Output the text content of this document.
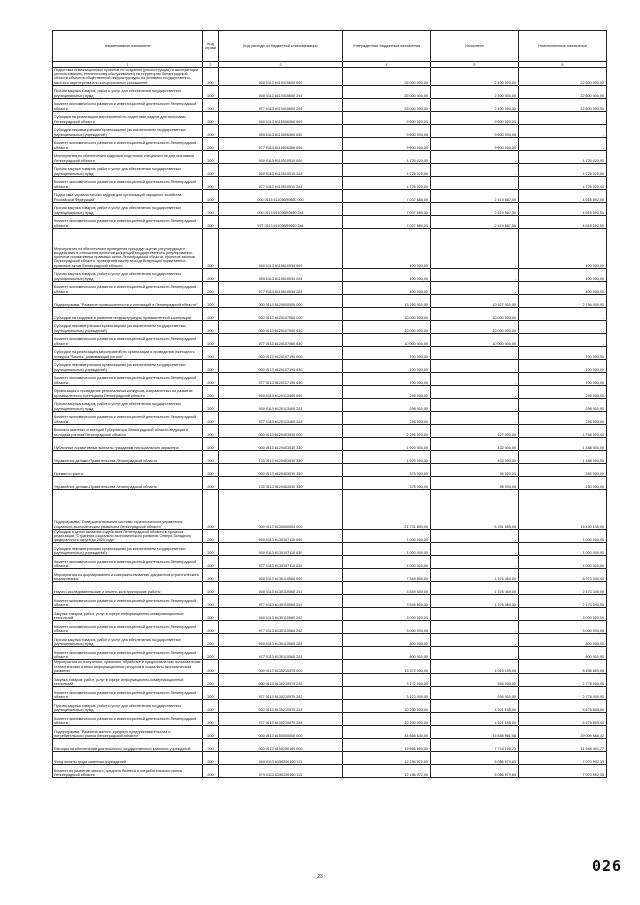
Наименование показателя	Код строки	Код расхода по бюджетной классификации	Утвержденные бюджетные назначения	Исполнено	Неисполненные назначения
1	2	3	4	5	6
Подготовка инвестиционных проектов по созданию (реконструкции) и эксплуатации (использованию, техническому обслуживанию) на территории Ленинградской области объектов общественной инфраструктуры на условиях государственно-частного партнерства или концессионных соглашений	200	000 0113 6110415600 000	25 000 000,00	2 400 000,00	22 600 000,00
Прочая закупка товаров, работ и услуг для обеспечения государственных (муниципальных) нужд	200	000 0113 6110415600 244	25 000 000,00	2 400 000,00	22 600 000,00
Комитет экономического развития и инвестиционной деятельности Ленинградской области	200	977 0113 6110415600 244	25 000 000,00	2 400 000,00	22 600 000,00
Субсидия на реализацию мероприятий по подготовке кадров для экономики Ленинградской области	200	000 0113 6110506360 000	9 600 000,00	9 600 000,00	-
Субсидии некоммерческим организациям (за исключением государственных (муниципальных) учреждений)	200	000 0113 6110506360 630	9 600 000,00	9 600 000,00	-
Комитет экономического развития и инвестиционной деятельности Ленинградской области	200	977 0113 6110506360 630	9 600 000,00	9 600 000,00	-
Мероприятия по обеспечению кадровой подготовки специалистов для экономики Ленинградской области	200	000 0113 6110510510 000	4 725 020,00	-	4 725 020,00
Прочая закупка товаров, работ и услуг для обеспечения государственных (муниципальных) нужд	200	000 0113 6110510510 244	4 725 020,00	-	4 725 020,00
Комитет экономического развития и инвестиционной деятельности Ленинградской области	200	977 0113 6110510510 244	4 725 020,00	-	4 725 020,00
Подготовка управленческих кадров для организаций народного хозяйства Российской Федерации	200	000 0113 611056R0660 000	7 037 680,00	2 419 587,50	4 618 092,50
Прочая закупка товаров, работ и услуг для обеспечения государственных (муниципальных) нужд	200	000 0113 611056R0660 244	7 037 680,00	2 419 587,50	4 618 092,50
Комитет экономического развития и инвестиционной деятельности Ленинградской области	200	977 0113 611056R0660 244	7 037 680,00	2 419 587,50	4 618 092,50
Мероприятия по обеспечению проведения процедур оценки регулирующего воздействия в отношении проектов концепций государственного регулирования, проектов нормативных правовых актов Ленинградской области, проектов законов Ленинградской области, проведения экспертизы действующих нормативных правовых актов Ленинградской области	200	000 0113 6110610530 000	400 000,00	-	400 000,00
Прочая закупка товаров, работ и услуг для обеспечения государственных (муниципальных) нужд	200	000 0113 6110610530 244	400 000,00	-	400 000,00
Комитет экономического развития и инвестиционной деятельности Ленинградской области	200	977 0113 6110610530 244	400 000,00	-	400 000,00
Подпрограмма "Развитие промышленности и инноваций в Ленинградской области"	200	000 0113 6120000000 000	13 293 000,00	10 527 000,00	2 766 000,00
Субсидии на создание и развитие инфраструктуры промышленной кооперации	200	000 0113 6120107060 000	10 000 000,00	10 000 000,00	-
Субсидии некоммерческим организациям (за исключением государственных (муниципальных) учреждений)	200	000 0113 6120107060 630	10 000 000,00	10 000 000,00	-
Комитет экономического развития и инвестиционной деятельности Ленинградской области	200	977 0113 6120107060 630	10 000 000,00	10 000 000,00	-
Субсидии на реализацию мероприятий по организации и проведению ежегодного конкурса "Бизнес, развивающий регион"	200	000 0113 6120107190 000	700 000,00	-	700 000,00
Субсидии некоммерческим организациям (за исключением государственных (муниципальных) учреждений)	200	000 0113 6120107190 630	700 000,00	-	700 000,00
Комитет экономического развития и инвестиционной деятельности Ленинградской области	200	977 0113 6120107190 630	700 000,00	-	700 000,00
Организация и проведение региональных конкурсов, направленных на развитие промышленного потенциала Ленинградской области	200	000 0113 6120113460 000	298 000,00	-	298 000,00
Прочая закупка товаров, работ и услуг для обеспечения государственных (муниципальных) нужд	200	000 0113 6120113460 244	298 000,00	-	298 000,00
Комитет экономического развития и инвестиционной деятельности Ленинградской области	200	977 0113 6120113460 244	298 000,00	-	298 000,00
Выплата именных стипендий Губернатора Ленинградской области ведущим и молодым ученым Ленинградской области	200	000 0113 6120403030 000	2 295 000,00	527 000,00	1 768 000,00
Публичные нормативные выплаты гражданам несоциального характера	200	000 0113 6120403030 330	1 920 000,00	432 000,00	1 488 000,00
Управление делами Правительства Ленинградской области	200	133 0113 6120403030 330	1 920 000,00	432 000,00	1 488 000,00
Премии и гранты	200	000 0113 6120403030 350	375 000,00	95 000,00	280 000,00
Управление делами Правительства Ленинградской области	200	133 0113 6120403030 350	375 000,00	95 000,00	280 000,00
Подпрограмма "Совершенствование системы стратегического управления социально-экономическим развитием Ленинградской области"	200	000 0113 6130000000 000	21 721 800,00	6 291 655,00	15 430 145,00
Субсидии в целях оказания содействия Ленинградской области в процессе реализации "Стратегии социально-экономического развития Северо-Западного федерального округа до 2020 года"	200	000 0113 6130107110 000	1 000 000,00	-	1 000 000,00
Субсидии некоммерческим организациям (за исключением государственных (муниципальных) учреждений)	200	000 0113 6130107110 630	1 000 000,00	-	1 000 000,00
Комитет экономического развития и инвестиционной деятельности Ленинградской области	200	977 0113 6130107110 630	1 000 000,00	-	1 000 000,00
Мероприятия по формированию и совершенствованию документов стратегического планирования	200	000 0113 6130110560 000	7 349 800,00	1 376 460,00	5 973 340,00
Научно-исследовательские и опытно-конструкторские работы	200	000 0113 6130110560 241	3 549 800,00	1 376 460,00	2 173 340,00
Комитет экономического развития и инвестиционной деятельности Ленинградской области	200	977 0113 6130110560 241	3 549 800,00	1 376 460,00	2 173 340,00
Закупка товаров, работ, услуг в сфере информационно-коммуникационных технологий	200	000 0113 6130110560 242	3 000 000,00	-	3 000 000,00
Комитет экономического развития и инвестиционной деятельности Ленинградской области	200	977 0113 6130110560 242	3 000 000,00	-	3 000 000,00
Прочая закупка товаров, работ и услуг для обеспечения государственных (муниципальных) нужд	200	000 0113 6130110560 244	800 000,00	-	800 000,00
Комитет экономического развития и инвестиционной деятельности Ленинградской области	200	977 0113 6130110560 244	800 000,00	-	800 000,00
Мероприятия по получению, хранению, обработке и предоставлению пользователям статистических и иных информационных ресурсов в социально-экономическом развитии	200	000 0113 6130210570 000	13 372 000,00	4 915 195,00	8 456 805,00
Закупка товаров, работ, услуг в сфере информационно-коммуникационных технологий	200	000 0113 6130210570 242	3 172 000,00	394 000,00	2 778 000,00
Комитет экономического развития и инвестиционной деятельности Ленинградской области	200	977 0113 6130210570 242	3 172 000,00	394 000,00	2 778 000,00
Прочая закупка товаров, работ и услуг для обеспечения государственных (муниципальных) нужд	200	000 0113 6130210570 244	10 200 000,00	4 521 195,00	5 678 805,00
Комитет экономического развития и инвестиционной деятельности Ленинградской области	200	977 0113 6130210570 244	10 200 000,00	4 521 195,00	5 678 805,00
Подпрограмма "Развитие малого, среднего предпринимательства и потребительского рынка Ленинградской области"	200	000 0113 6150000000 000	44 668 630,00	15 658 961,58	29 009 668,42
Расходы на обеспечение деятельности государственных казенных учреждений	200	000 0113 6150200160 000	19 666 600,00	7 718 108,23	11 948 491,77
Фонд оплаты труда казенных учреждений	200	000 0113 6150200160 111	12 156 972,00	5 086 979,65	7 070 992,35
Комитет по развитию малого, среднего бизнеса и потребительского рынка Ленинградской области	200	979 0113 6150200160 111	12 156 972,00	5 086 979,65	7 070 992,35
23
026
